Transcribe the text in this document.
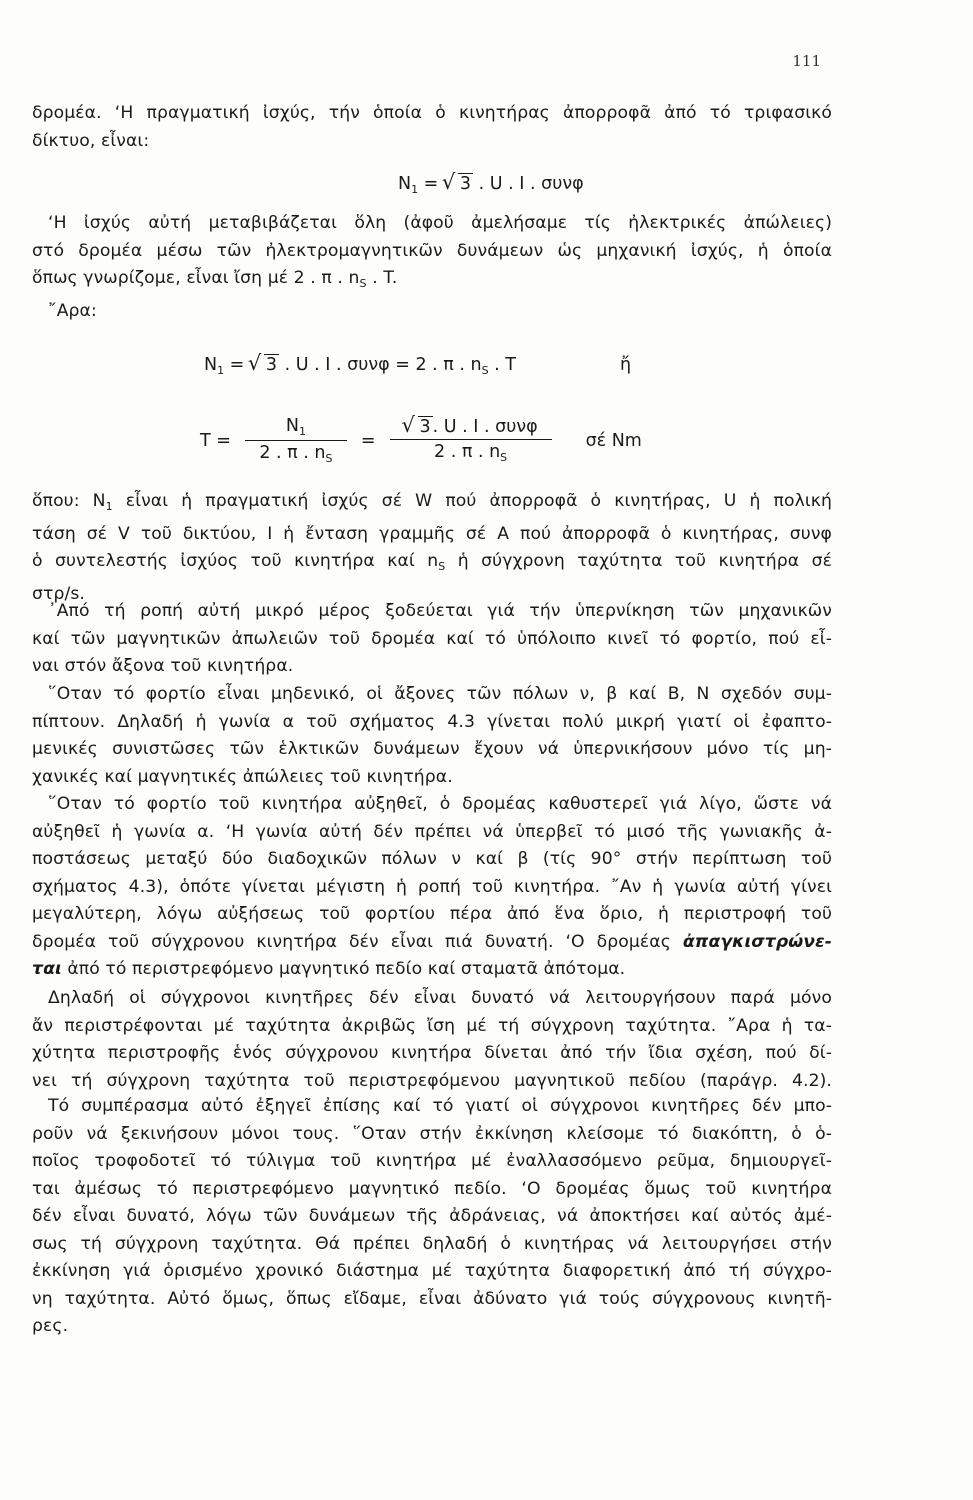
111

δρομέα. ‘Η πραγματική ἰσχύς, τήν ὁποία ὁ κινητήρας ἀπορροφᾶ ἀπό τό τριφασικό

δίκτυο, εἶναι:

$N_1$ = √ 3 . U . I . συνφ

‘Η ἰσχύς αὐτή μεταβιβάζεται ὅλη (ἀφοῦ ἀμελήσαμε τίς ἠλεκτρικές ἀπώλειες)

στό δρομέα μέσω τῶν ἠλεκτρομαγνητικῶν δυνάμεων ὡς μηχανική ἰσχύς, ἡ ὁποία

ὅπως γνωρίζομε, εἶναι ἴση μέ 2 . π . $n_S$ . T.

῎Αρα:

$N_1$ = √ 3 . U . I . συνφ = 2 . π . $n_S$ . T	ἤ
$T = \frac{N_1}{2 . \pi . n_S}$ = √ $\frac{\text{3 . U . I . συνφ}}{2 . \pi . n_S}$ σέ Nm

ὅπου: $N_1$ εἶναι ἡ πραγματική ἰσχύς σέ W πού ἀπορροφᾶ ὁ κινητήρας, U ἡ πολική

τάση σέ V τοῦ δικτύου, I ἡ ἔνταση γραμμῆς σέ A πού ἀπορροφᾶ ὁ κινητήρας, συνφ

ὁ συντελεστής ἰσχύος τοῦ κινητήρα καί $n_S$ ἡ σύγχρονη ταχύτητα τοῦ κινητήρα σέ

στρ/s.

᾿Από τή ροπή αὐτή μικρό μέρος ξοδεύεται γιά τήν ὑπερνίκηση τῶν μηχανικῶν

καί τῶν μαγνητικῶν ἀπωλειῶν τοῦ δρομέα καί τό ὑπόλοιπο κινεῖ τό φορτίο, πού εἶ-

ναι στόν ἄξονα τοῦ κινητήρα.

῞Οταν τό φορτίο εἶναι μηδενικό, οἱ ἄξονες τῶν πόλων ν, β καί Β, Ν σχεδόν συμ-

πίπτουν. Δηλαδή ἡ γωνία α τοῦ σχήματος 4.3 γίνεται πολύ μικρή γιατί οἱ ἐφαπτο-

μενικές συνιστῶσες τῶν ἑλκτικῶν δυνάμεων ἔχουν νά ὑπερνικήσουν μόνο τίς μη-

χανικές καί μαγνητικές ἀπώλειες τοῦ κινητήρα.

῞Οταν τό φορτίο τοῦ κινητήρα αὐξηθεῖ, ὁ δρομέας καθυστερεῖ γιά λίγο, ὥστε νά

αὐξηθεῖ ἡ γωνία α. ‘Η γωνία αὐτή δέν πρέπει νά ὑπερβεῖ τό μισό τῆς γωνιακῆς ἀ-

ποστάσεως μεταξύ δύο διαδοχικῶν πόλων ν καί β (τίς 90° στήν περίπτωση τοῦ

σχήματος 4.3), ὁπότε γίνεται μέγιστη ἡ ροπή τοῦ κινητήρα. ῎Αν ἡ γωνία αὐτή γίνει

μεγαλύτερη, λόγω αὐξήσεως τοῦ φορτίου πέρα ἀπό ἕνα ὅριο, ἡ περιστροφή τοῦ

δρομέα τοῦ σύγχρονου κινητήρα δέν εἶναι πιά δυνατή. ‘Ο δρομέας ἀπαγκιστρώνε-

ται ἀπό τό περιστρεφόμενο μαγνητικό πεδίο καί σταματᾶ ἀπότομα.

Δηλαδή οἱ σύγχρονοι κινητῆρες δέν εἶναι δυνατό νά λειτουργήσουν παρά μόνο

ἄν περιστρέφονται μέ ταχύτητα ἀκριβῶς ἴση μέ τή σύγχρονη ταχύτητα. ῎Αρα ἡ τα-

χύτητα περιστροφῆς ἑνός σύγχρονου κινητήρα δίνεται ἀπό τήν ἴδια σχέση, πού δί-

νει τή σύγχρονη ταχύτητα τοῦ περιστρεφόμενου μαγνητικοῦ πεδίου (παράγρ. 4.2).

Τό συμπέρασμα αὐτό ἐξηγεῖ ἐπίσης καί τό γιατί οἱ σύγχρονοι κινητῆρες δέν μπο-

ροῦν νά ξεκινήσουν μόνοι τους. ῞Οταν στήν ἐκκίνηση κλείσομε τό διακόπτη, ὁ ὁ-

ποῖος τροφοδοτεῖ τό τύλιγμα τοῦ κινητήρα μέ ἐναλλασσόμενο ρεῦμα, δημιουργεῖ-

ται ἀμέσως τό περιστρεφόμενο μαγνητικό πεδίο. ‘Ο δρομέας ὅμως τοῦ κινητήρα

δέν εἶναι δυνατό, λόγω τῶν δυνάμεων τῆς ἀδράνειας, νά ἀποκτήσει καί αὐτός ἀμέ-

σως τή σύγχρονη ταχύτητα. Θά πρέπει δηλαδή ὁ κινητήρας νά λειτουργήσει στήν

ἐκκίνηση γιά ὁρισμένο χρονικό διάστημα μέ ταχύτητα διαφορετική ἀπό τή σύγχρο-

νη ταχύτητα. Αὐτό ὅμως, ὅπως εἴδαμε, εἶναι ἀδύνατο γιά τούς σύγχρονους κινητῆ-

ρες.
